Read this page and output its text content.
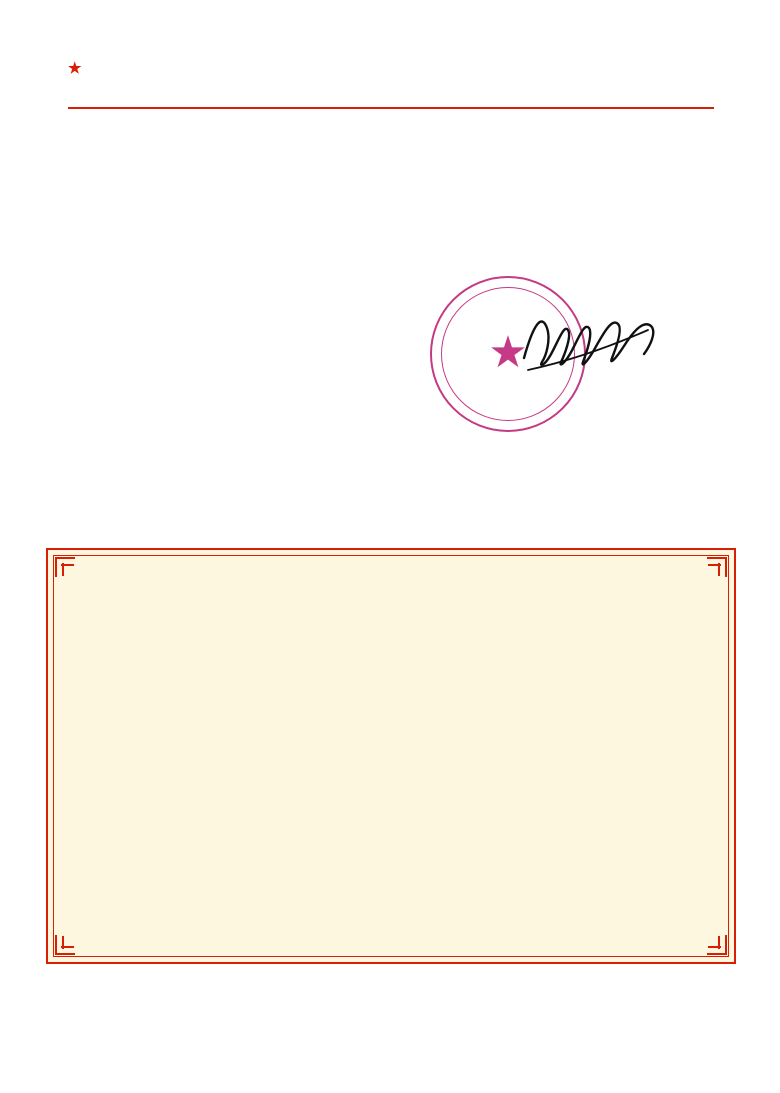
★

★
